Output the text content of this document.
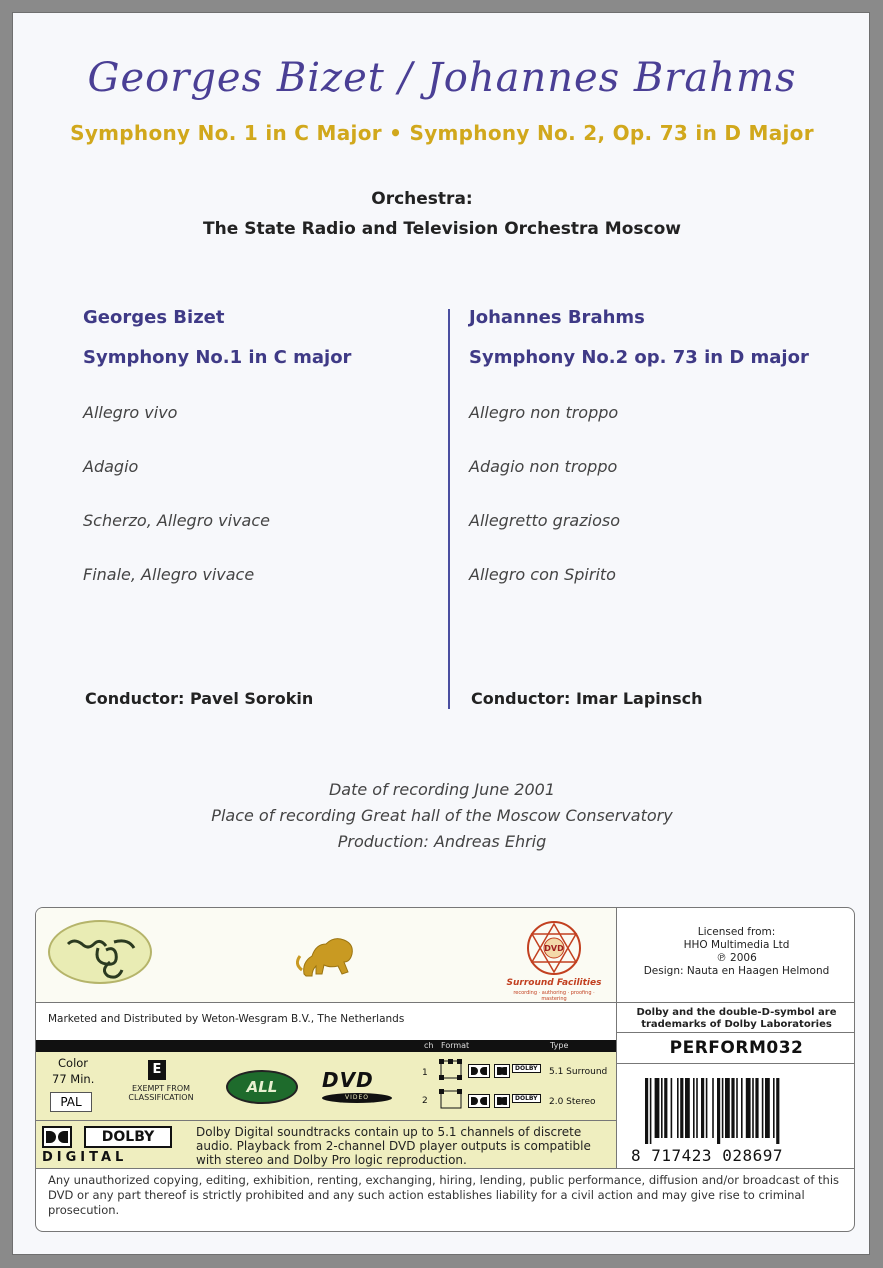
Georges Bizet / Johannes Brahms
Symphony No. 1 in C Major • Symphony No. 2, Op. 73 in D Major
Orchestra:
The State Radio and Television Orchestra Moscow
Georges Bizet
Symphony No.1 in C major
Allegro vivo
Adagio
Scherzo, Allegro vivace
Finale, Allegro vivace
Conductor: Pavel Sorokin
Johannes Brahms
Symphony No.2 op. 73 in D major
Allegro non troppo
Adagio non troppo
Allegretto grazioso
Allegro con Spirito
Conductor: Imar Lapinsch
Date of recording June 2001
Place of recording Great hall of the Moscow Conservatory
Production: Andreas Ehrig
DVD
Surround Facilities
recording · authoring · proofing · mastering
Licensed from:
HHO Multimedia Ltd
℗ 2006
Design: Nauta en Haagen Helmond
Marketed and Distributed by Weton-Wesgram B.V., The Netherlands
Dolby and the double-D-symbol are
trademarks of Dolby Laboratories
PERFORM032
8 717423 028697
ch Format	Type
Color
77 Min.
PAL
E
EXEMPT FROM CLASSIFICATION
ALL	DVD
VIDEO
1	DOLBY	5.1 Surround
2	DOLBY	2.0 Stereo
DOLBY
DIGITAL
Dolby Digital soundtracks contain up to 5.1 channels of discrete audio. Playback from 2-channel DVD player outputs is compatible with stereo and Dolby Pro logic reproduction.
Any unauthorized copying, editing, exhibition, renting, exchanging, hiring, lending, public performance, diffusion and/or broadcast of this DVD or any part thereof is strictly prohibited and any such action establishes liability for a civil action and may give rise to criminal prosecution.
